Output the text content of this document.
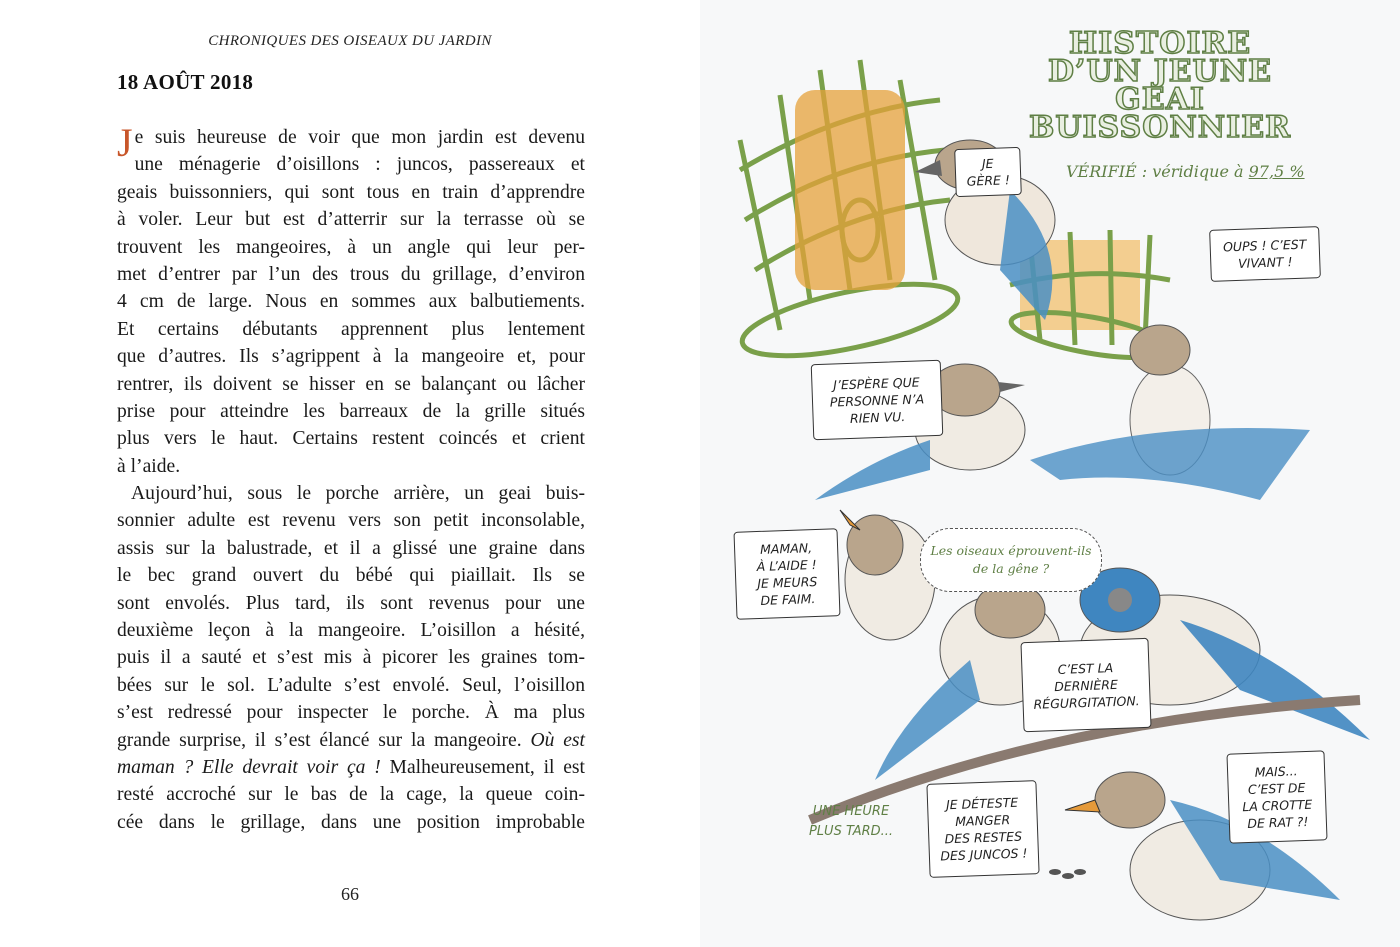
CHRONIQUES DES OISEAUX DU JARDIN
18 AOÛT 2018
Je suis heureuse de voir que mon jardin est devenu
une ménagerie d’oisillons : juncos, passereaux et
geais buissonniers, qui sont tous en train d’apprendre
à voler. Leur but est d’atterrir sur la terrasse où se
trouvent les mangeoires, à un angle qui leur per-
met d’entrer par l’un des trous du grillage, d’environ
4 cm de large. Nous en sommes aux balbutiements.
Et certains débutants apprennent plus lentement
que d’autres. Ils s’agrippent à la mangeoire et, pour
rentrer, ils doivent se hisser en se balançant ou lâcher
prise pour atteindre les barreaux de la grille situés
plus vers le haut. Certains restent coincés et crient
à l’aide.
Aujourd’hui, sous le porche arrière, un geai buis-
sonnier adulte est revenu vers son petit inconsolable,
assis sur la balustrade, et il a glissé une graine dans
le bec grand ouvert du bébé qui piaillait. Ils se
sont envolés. Plus tard, ils sont revenus pour une
deuxième leçon à la mangeoire. L’oisillon a hésité,
puis il a sauté et s’est mis à picorer les graines tom-
bées sur le sol. L’adulte s’est envolé. Seul, l’oisillon
s’est redressé pour inspecter le porche. À ma plus
grande surprise, il s’est élancé sur la mangeoire. Où est
maman ? Elle devrait voir ça ! Malheureusement, il est
resté accroché sur le bas de la cage, la queue coin-
cée dans le grillage, dans une position improbable
66
HISTOIRE
D’UN JEUNE
GEAI
BUISSONNIER
VÉRIFIÉ : véridique à 97,5 %
JE
GÈRE !
OUPS ! C’EST
VIVANT !
J’ESPÈRE QUE
PERSONNE N’A
RIEN VU.
MAMAN,
À L’AIDE !
JE MEURS
DE FAIM.
Les oiseaux éprouvent-ils
de la gêne ?
C’EST LA
DERNIÈRE
RÉGURGITATION.
UNE HEURE
PLUS TARD...
JE DÉTESTE
MANGER
DES RESTES
DES JUNCOS !
MAIS...
C’EST DE
LA CROTTE
DE RAT ?!
